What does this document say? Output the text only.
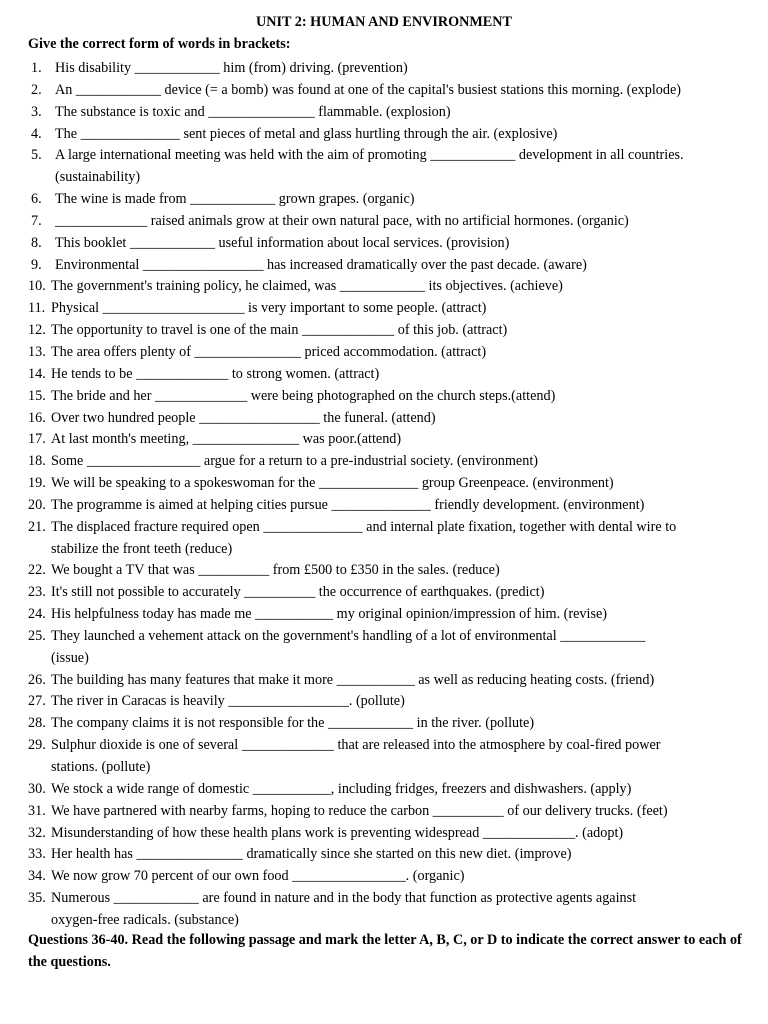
UNIT 2: HUMAN AND ENVIRONMENT
Give the correct form of words in brackets:
1. His disability ____________ him (from) driving. (prevention)
2. An ____________ device (= a bomb) was found at one of the capital's busiest stations this morning. (explode)
3. The substance is toxic and _______________ flammable. (explosion)
4. The ______________ sent pieces of metal and glass hurtling through the air. (explosive)
5. A large international meeting was held with the aim of promoting ____________ development in all countries.
(sustainability)
6. The wine is made from ____________ grown grapes. (organic)
7. _____________ raised animals grow at their own natural pace, with no artificial hormones. (organic)
8. This booklet ____________ useful information about local services. (provision)
9. Environmental _________________ has increased dramatically over the past decade. (aware)
10. The government's training policy, he claimed, was ____________ its objectives. (achieve)
11. Physical ____________________ is very important to some people. (attract)
12. The opportunity to travel is one of the main _____________ of this job. (attract)
13. The area offers plenty of _______________ priced accommodation. (attract)
14. He tends to be _____________ to strong women. (attract)
15. The bride and her _____________ were being photographed on the church steps.(attend)
16. Over two hundred people _________________ the funeral. (attend)
17. At last month's meeting, _______________ was poor.(attend)
18. Some ________________ argue for a return to a pre-industrial society. (environment)
19. We will be speaking to a spokeswoman for the ______________ group Greenpeace. (environment)
20. The programme is aimed at helping cities pursue ______________ friendly development. (environment)
21. The displaced fracture required open ______________ and internal plate fixation, together with dental wire to
stabilize the front teeth (reduce)
22. We bought a TV that was __________ from £500 to £350 in the sales. (reduce)
23. It's still not possible to accurately __________ the occurrence of earthquakes. (predict)
24. His helpfulness today has made me ___________ my original opinion/impression of him. (revise)
25. They launched a vehement attack on the government's handling of a lot of environmental ____________
(issue)
26. The building has many features that make it more ___________ as well as reducing heating costs. (friend)
27. The river in Caracas is heavily _________________. (pollute)
28. The company claims it is not responsible for the ____________ in the river. (pollute)
29. Sulphur dioxide is one of several _____________ that are released into the atmosphere by coal-fired power
stations. (pollute)
30. We stock a wide range of domestic ___________, including fridges, freezers and dishwashers. (apply)
31. We have partnered with nearby farms, hoping to reduce the carbon __________ of our delivery trucks. (feet)
32. Misunderstanding of how these health plans work is preventing widespread _____________. (adopt)
33. Her health has _______________ dramatically since she started on this new diet. (improve)
34. We now grow 70 percent of our own food ________________. (organic)
35. Numerous ____________ are found in nature and in the body that function as protective agents against
oxygen-free radicals. (substance)
Questions 36-40. Read the following passage and mark the letter A, B, C, or D to indicate the correct answer to each of the questions.
